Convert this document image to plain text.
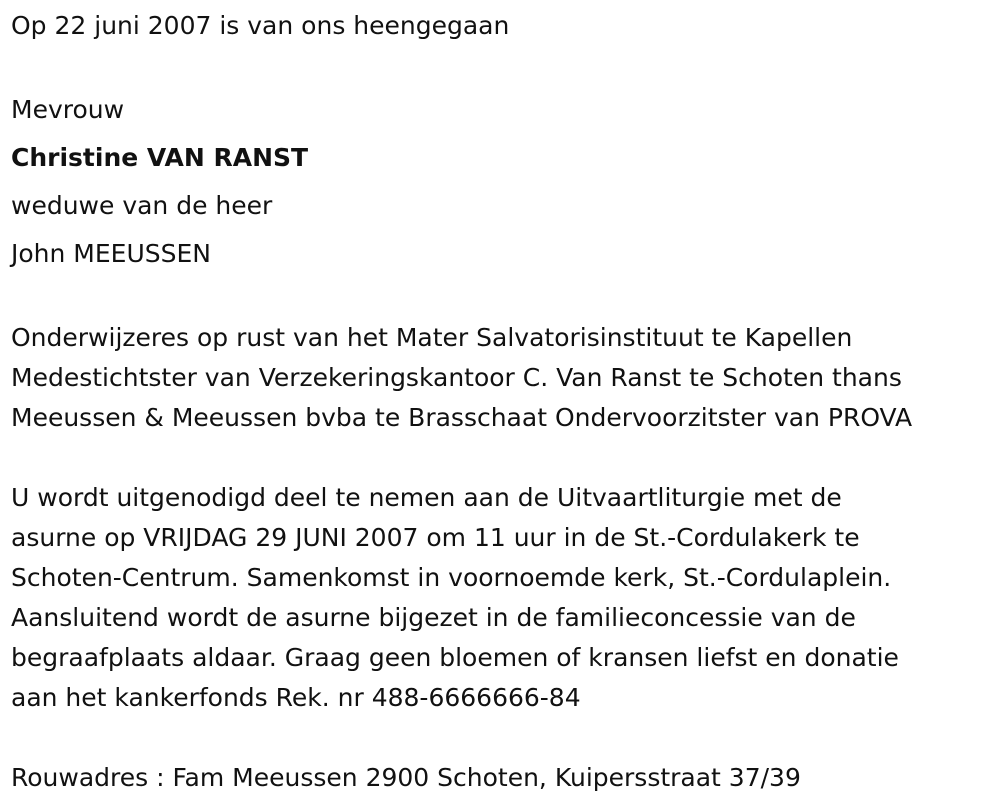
Op 22 juni 2007 is van ons heengegaan
Mevrouw
Christine VAN RANST
weduwe van de heer
John MEEUSSEN
Onderwijzeres op rust van het Mater Salvatorisinstituut te Kapellen
Medestichtster van Verzekeringskantoor C. Van Ranst te Schoten thans
Meeussen & Meeussen bvba te Brasschaat Ondervoorzitster van PROVA
U wordt uitgenodigd deel te nemen aan de Uitvaartliturgie met de
asurne op VRIJDAG 29 JUNI 2007 om 11 uur in de St.-Cordulakerk te
Schoten-Centrum. Samenkomst in voornoemde kerk, St.-Cordulaplein.
Aansluitend wordt de asurne bijgezet in de familieconcessie van de
begraafplaats aldaar. Graag geen bloemen of kransen liefst en donatie
aan het kankerfonds Rek. nr 488-6666666-84
Rouwadres : Fam Meeussen 2900 Schoten, Kuipersstraat 37/39
